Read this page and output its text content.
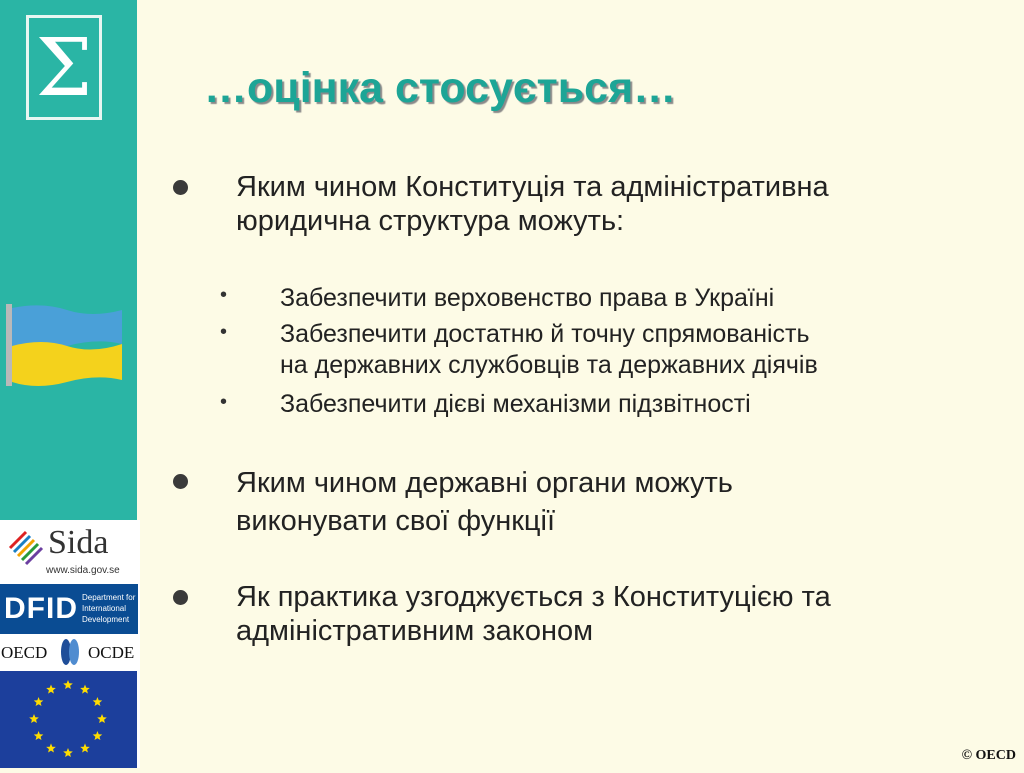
Σ
Sida
www.sida.gov.se
DFID Department for
International
Development
OECD OCDE
…оцінка стосується…
Яким чином Конституція та адміністративна
юридична структура можуть:
• Забезпечити верховенство права в Україні
• Забезпечити достатню й точну спрямованість
на державних службовців та державних діячів
• Забезпечити дієві механізми підзвітності
Яким чином державні органи можуть
виконувати свої функції
Як практика узгоджується з Конституцією та
адміністративним законом
© OECD
